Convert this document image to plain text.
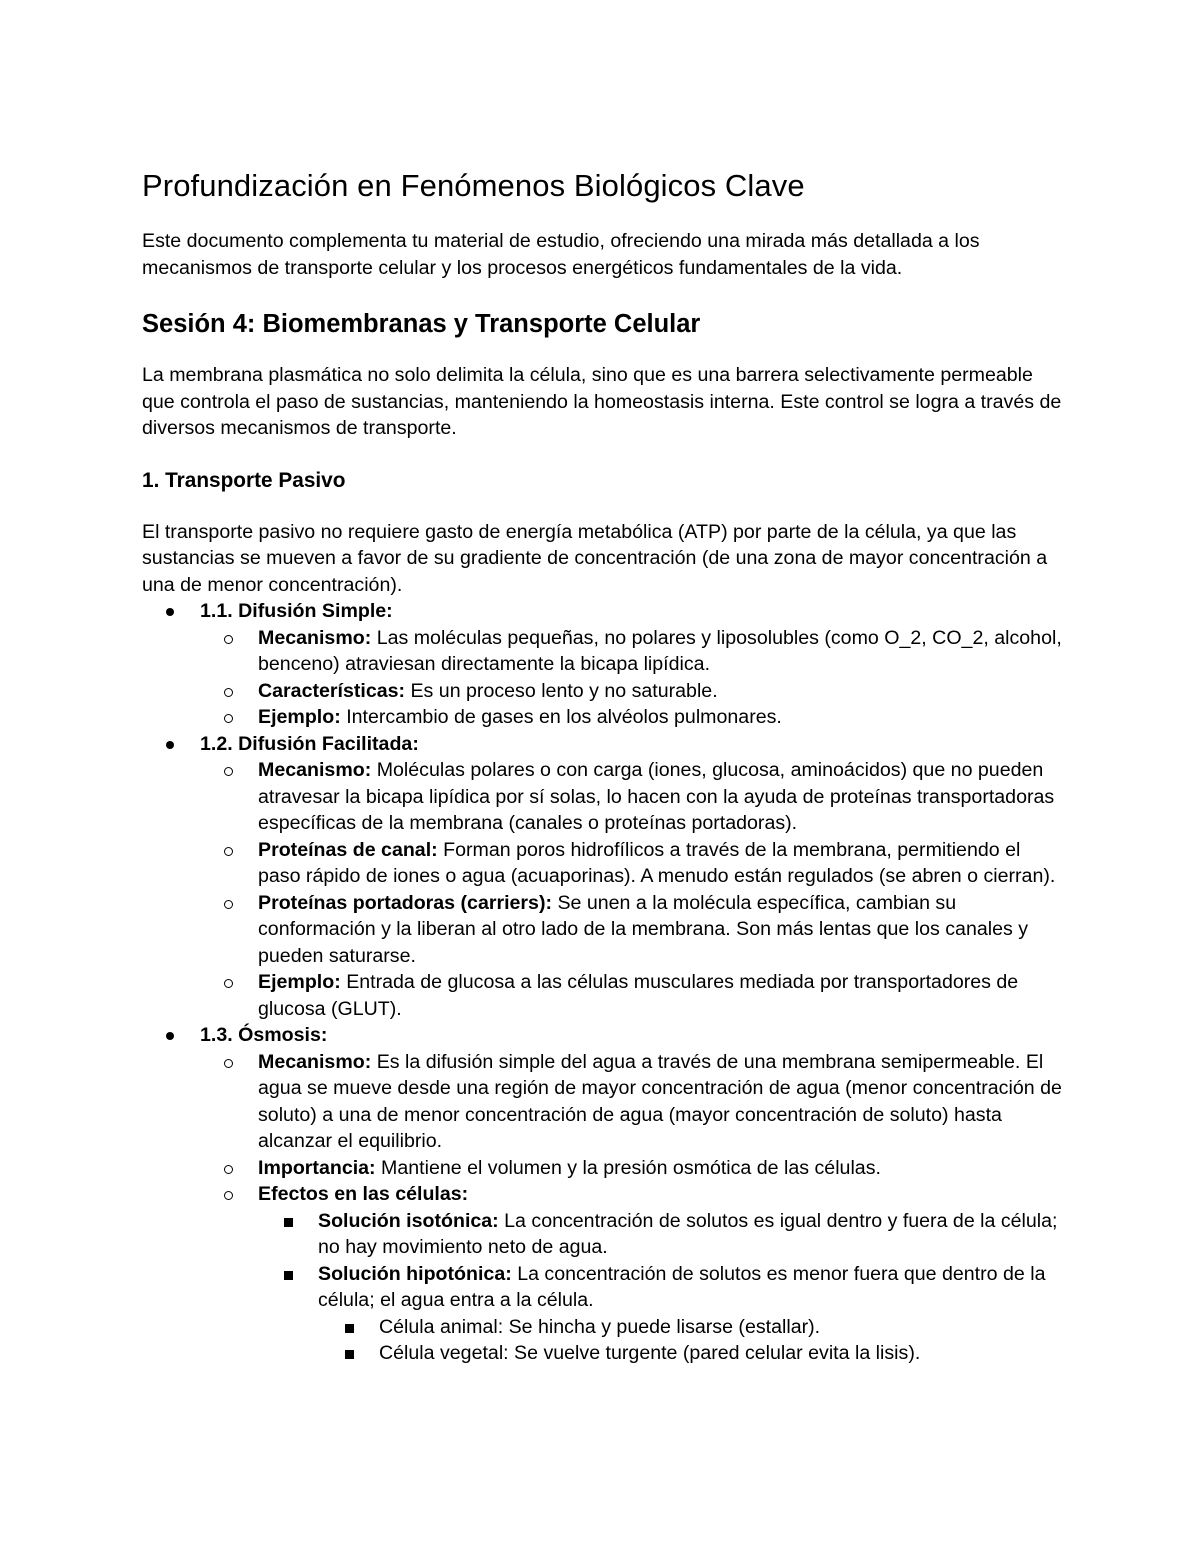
Profundización en Fenómenos Biológicos Clave

Este documento complementa tu material de estudio, ofreciendo una mirada más detallada a los mecanismos de transporte celular y los procesos energéticos fundamentales de la vida.

Sesión 4: Biomembranas y Transporte Celular

La membrana plasmática no solo delimita la célula, sino que es una barrera selectivamente permeable que controla el paso de sustancias, manteniendo la homeostasis interna. Este control se logra a través de diversos mecanismos de transporte.

1. Transporte Pasivo

El transporte pasivo no requiere gasto de energía metabólica (ATP) por parte de la célula, ya que las sustancias se mueven a favor de su gradiente de concentración (de una zona de mayor concentración a una de menor concentración).

1.1. Difusión Simple:
Mecanismo: Las moléculas pequeñas, no polares y liposolubles (como O_2, CO_2, alcohol, benceno) atraviesan directamente la bicapa lipídica.
Características: Es un proceso lento y no saturable.
Ejemplo: Intercambio de gases en los alvéolos pulmonares.
1.2. Difusión Facilitada:
Mecanismo: Moléculas polares o con carga (iones, glucosa, aminoácidos) que no pueden atravesar la bicapa lipídica por sí solas, lo hacen con la ayuda de proteínas transportadoras específicas de la membrana (canales o proteínas portadoras).
Proteínas de canal: Forman poros hidrofílicos a través de la membrana, permitiendo el paso rápido de iones o agua (acuaporinas). A menudo están regulados (se abren o cierran).
Proteínas portadoras (carriers): Se unen a la molécula específica, cambian su conformación y la liberan al otro lado de la membrana. Son más lentas que los canales y pueden saturarse.
Ejemplo: Entrada de glucosa a las células musculares mediada por transportadores de glucosa (GLUT).
1.3. Ósmosis:
Mecanismo: Es la difusión simple del agua a través de una membrana semipermeable. El agua se mueve desde una región de mayor concentración de agua (menor concentración de soluto) a una de menor concentración de agua (mayor concentración de soluto) hasta alcanzar el equilibrio.
Importancia: Mantiene el volumen y la presión osmótica de las células.
Efectos en las células:
Solución isotónica: La concentración de solutos es igual dentro y fuera de la célula; no hay movimiento neto de agua.
Solución hipotónica: La concentración de solutos es menor fuera que dentro de la célula; el agua entra a la célula.
Célula animal: Se hincha y puede lisarse (estallar).
Célula vegetal: Se vuelve turgente (pared celular evita la lisis).
